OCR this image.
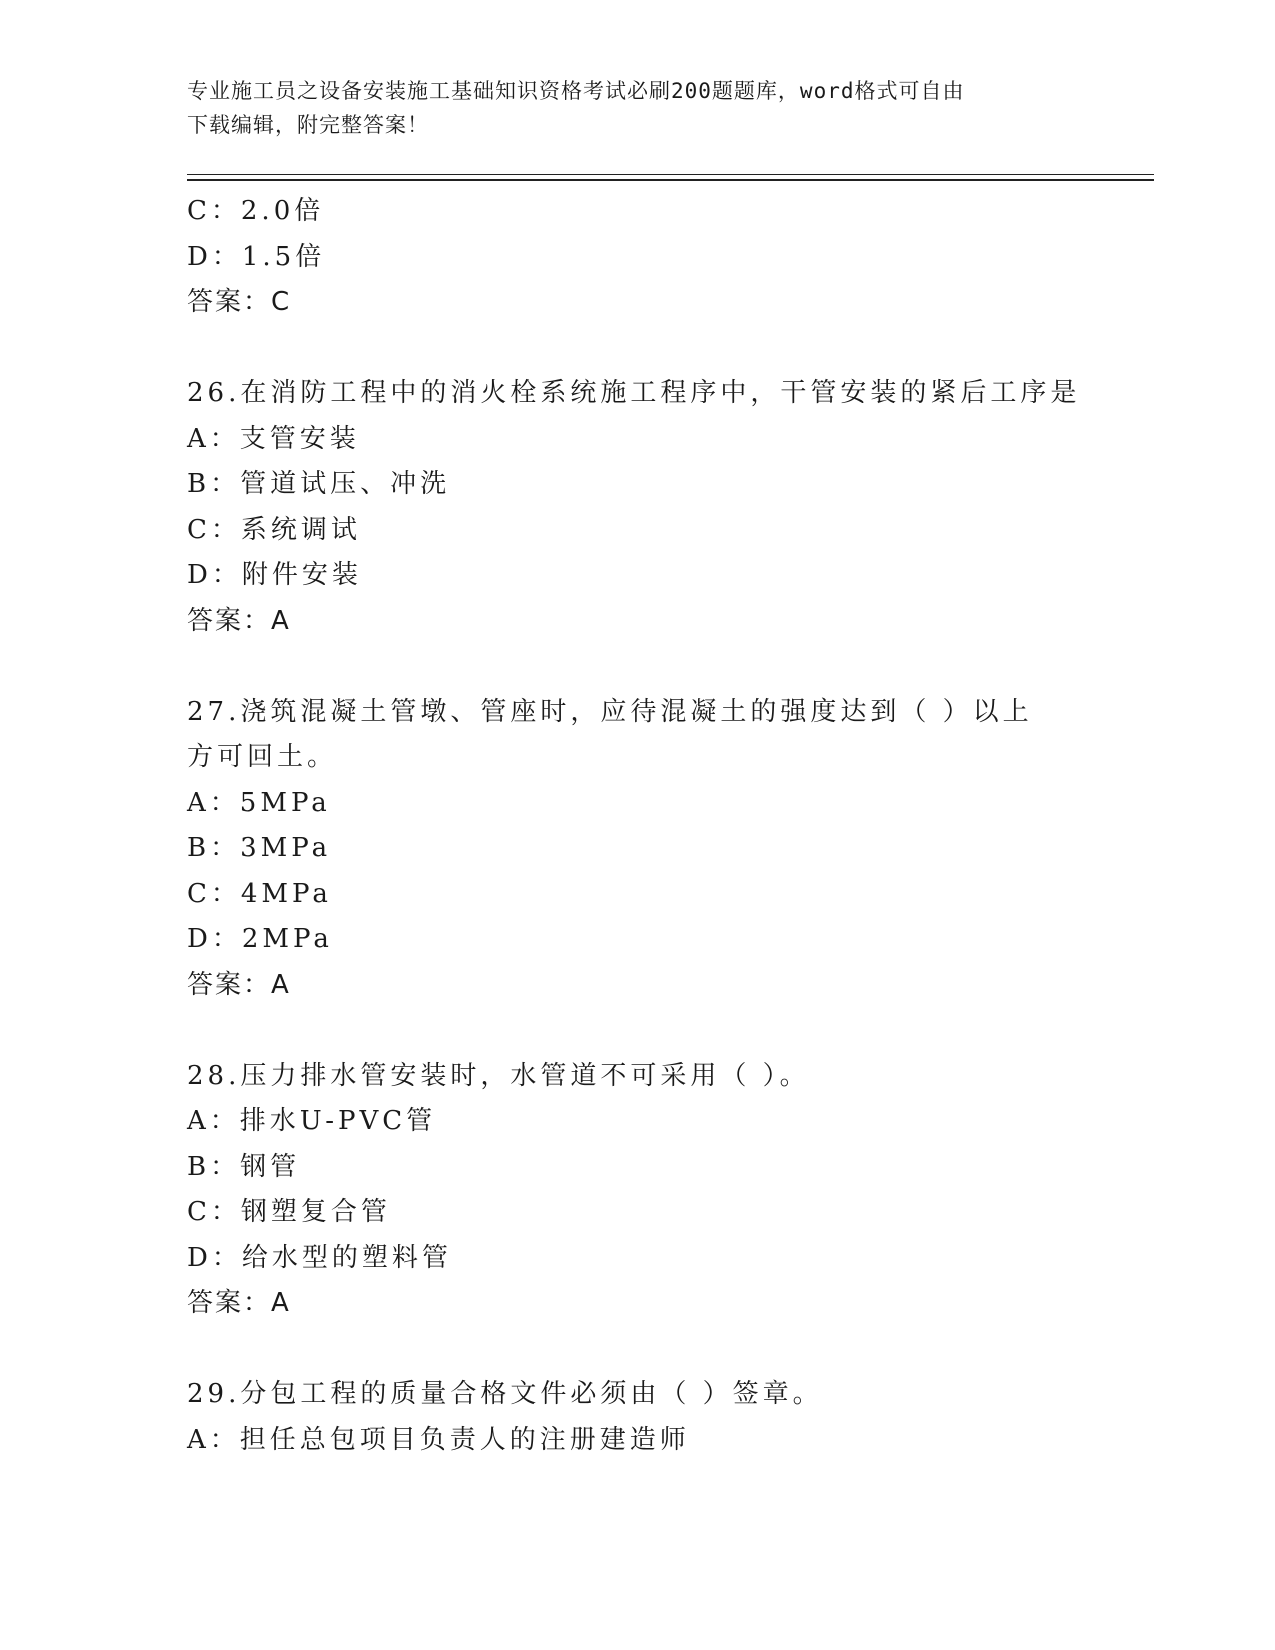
专业施工员之设备安装施工基础知识资格考试必刷200题题库，word格式可自由
下载编辑，附完整答案！
C：2.0倍
D：1.5倍
答案：C
26.在消防工程中的消火栓系统施工程序中，干管安装的紧后工序是
A：支管安装
B：管道试压、冲洗
C：系统调试
D：附件安装
答案：A
27.浇筑混凝土管墩、管座时，应待混凝土的强度达到（ ）以上方可回土。
A：5MPa
B：3MPa
C：4MPa
D：2MPa
答案：A
28.压力排水管安装时，水管道不可采用（ ）。
A：排水U-PVC管
B：钢管
C：钢塑复合管
D：给水型的塑料管
答案：A
29.分包工程的质量合格文件必须由（ ）签章。
A：担任总包项目负责人的注册建造师
